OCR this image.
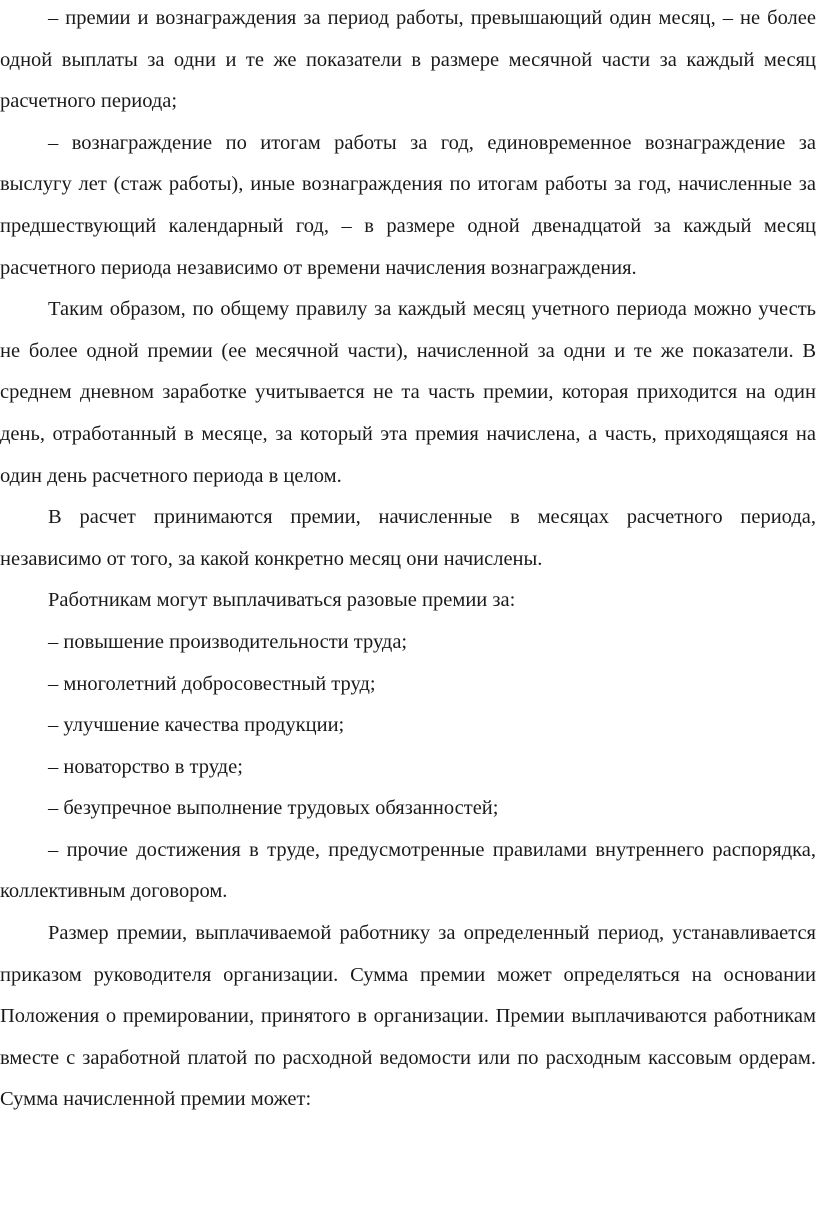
– премии и вознаграждения за период работы, превышающий один месяц, – не более одной выплаты за одни и те же показатели в размере месячной части за каждый месяц расчетного периода;

– вознаграждение по итогам работы за год, единовременное вознаграждение за выслугу лет (стаж работы), иные вознаграждения по итогам работы за год, начисленные за предшествующий календарный год, – в размере одной двенадцатой за каждый месяц расчетного периода независимо от времени начисления вознаграждения.

Таким образом, по общему правилу за каждый месяц учетного периода можно учесть не более одной премии (ее месячной части), начисленной за одни и те же показатели. В среднем дневном заработке учитывается не та часть премии, которая приходится на один день, отработанный в месяце, за который эта премия начислена, а часть, приходящаяся на один день расчетного периода в целом.

В расчет принимаются премии, начисленные в месяцах расчетного периода, независимо от того, за какой конкретно месяц они начислены.

Работникам могут выплачиваться разовые премии за:

– повышение производительности труда;

– многолетний добросовестный труд;

– улучшение качества продукции;

– новаторство в труде;

– безупречное выполнение трудовых обязанностей;

– прочие достижения в труде, предусмотренные правилами внутреннего распорядка, коллективным договором.

Размер премии, выплачиваемой работнику за определенный период, устанавливается приказом руководителя организации. Сумма премии может определяться на основании Положения о премировании, принятого в организации. Премии выплачиваются работникам вместе с заработной платой по расходной ведомости или по расходным кассовым ордерам. Сумма начисленной премии может:
